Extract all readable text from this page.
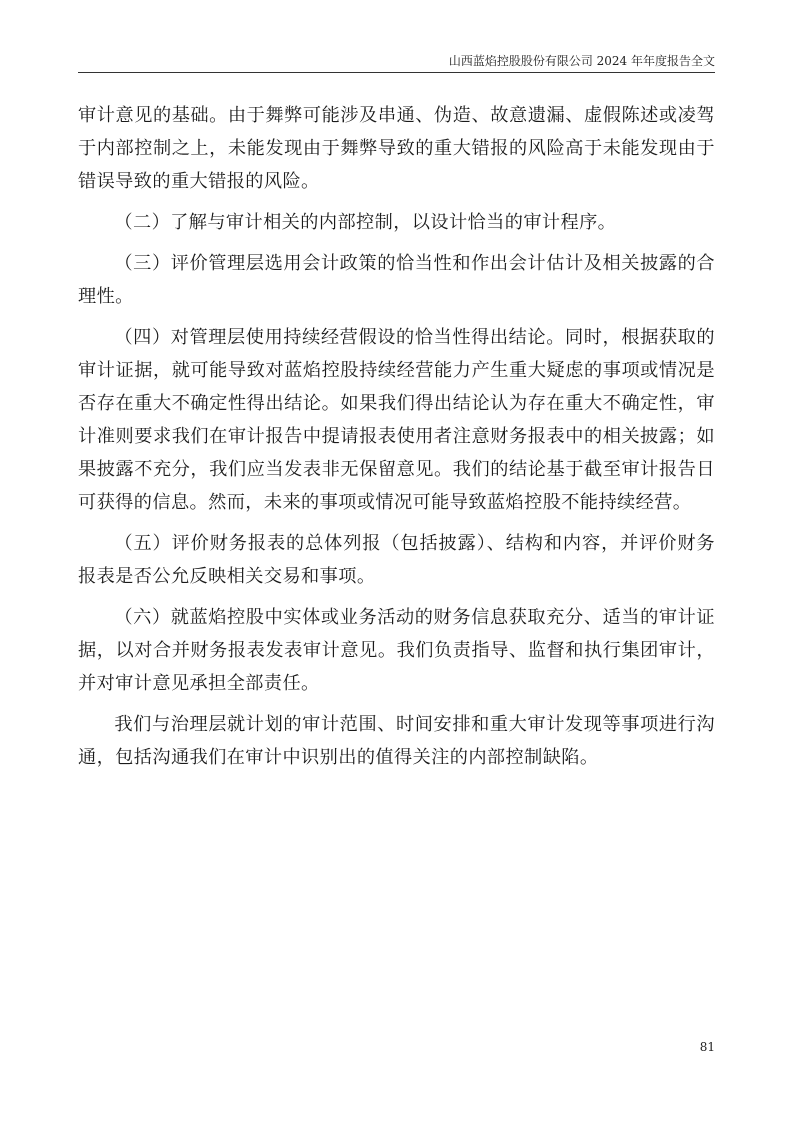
山西蓝焰控股股份有限公司 2024 年年度报告全文

审计意见的基础。由于舞弊可能涉及串通、伪造、故意遗漏、虚假陈述或凌驾于内部控制之上，未能发现由于舞弊导致的重大错报的风险高于未能发现由于错误导致的重大错报的风险。

（二）了解与审计相关的内部控制，以设计恰当的审计程序。

（三）评价管理层选用会计政策的恰当性和作出会计估计及相关披露的合理性。

（四）对管理层使用持续经营假设的恰当性得出结论。同时，根据获取的审计证据，就可能导致对蓝焰控股持续经营能力产生重大疑虑的事项或情况是否存在重大不确定性得出结论。如果我们得出结论认为存在重大不确定性，审计准则要求我们在审计报告中提请报表使用者注意财务报表中的相关披露；如果披露不充分，我们应当发表非无保留意见。我们的结论基于截至审计报告日可获得的信息。然而，未来的事项或情况可能导致蓝焰控股不能持续经营。

（五）评价财务报表的总体列报（包括披露）、结构和内容，并评价财务报表是否公允反映相关交易和事项。

（六）就蓝焰控股中实体或业务活动的财务信息获取充分、适当的审计证据，以对合并财务报表发表审计意见。我们负责指导、监督和执行集团审计，并对审计意见承担全部责任。

我们与治理层就计划的审计范围、时间安排和重大审计发现等事项进行沟通，包括沟通我们在审计中识别出的值得关注的内部控制缺陷。

81
